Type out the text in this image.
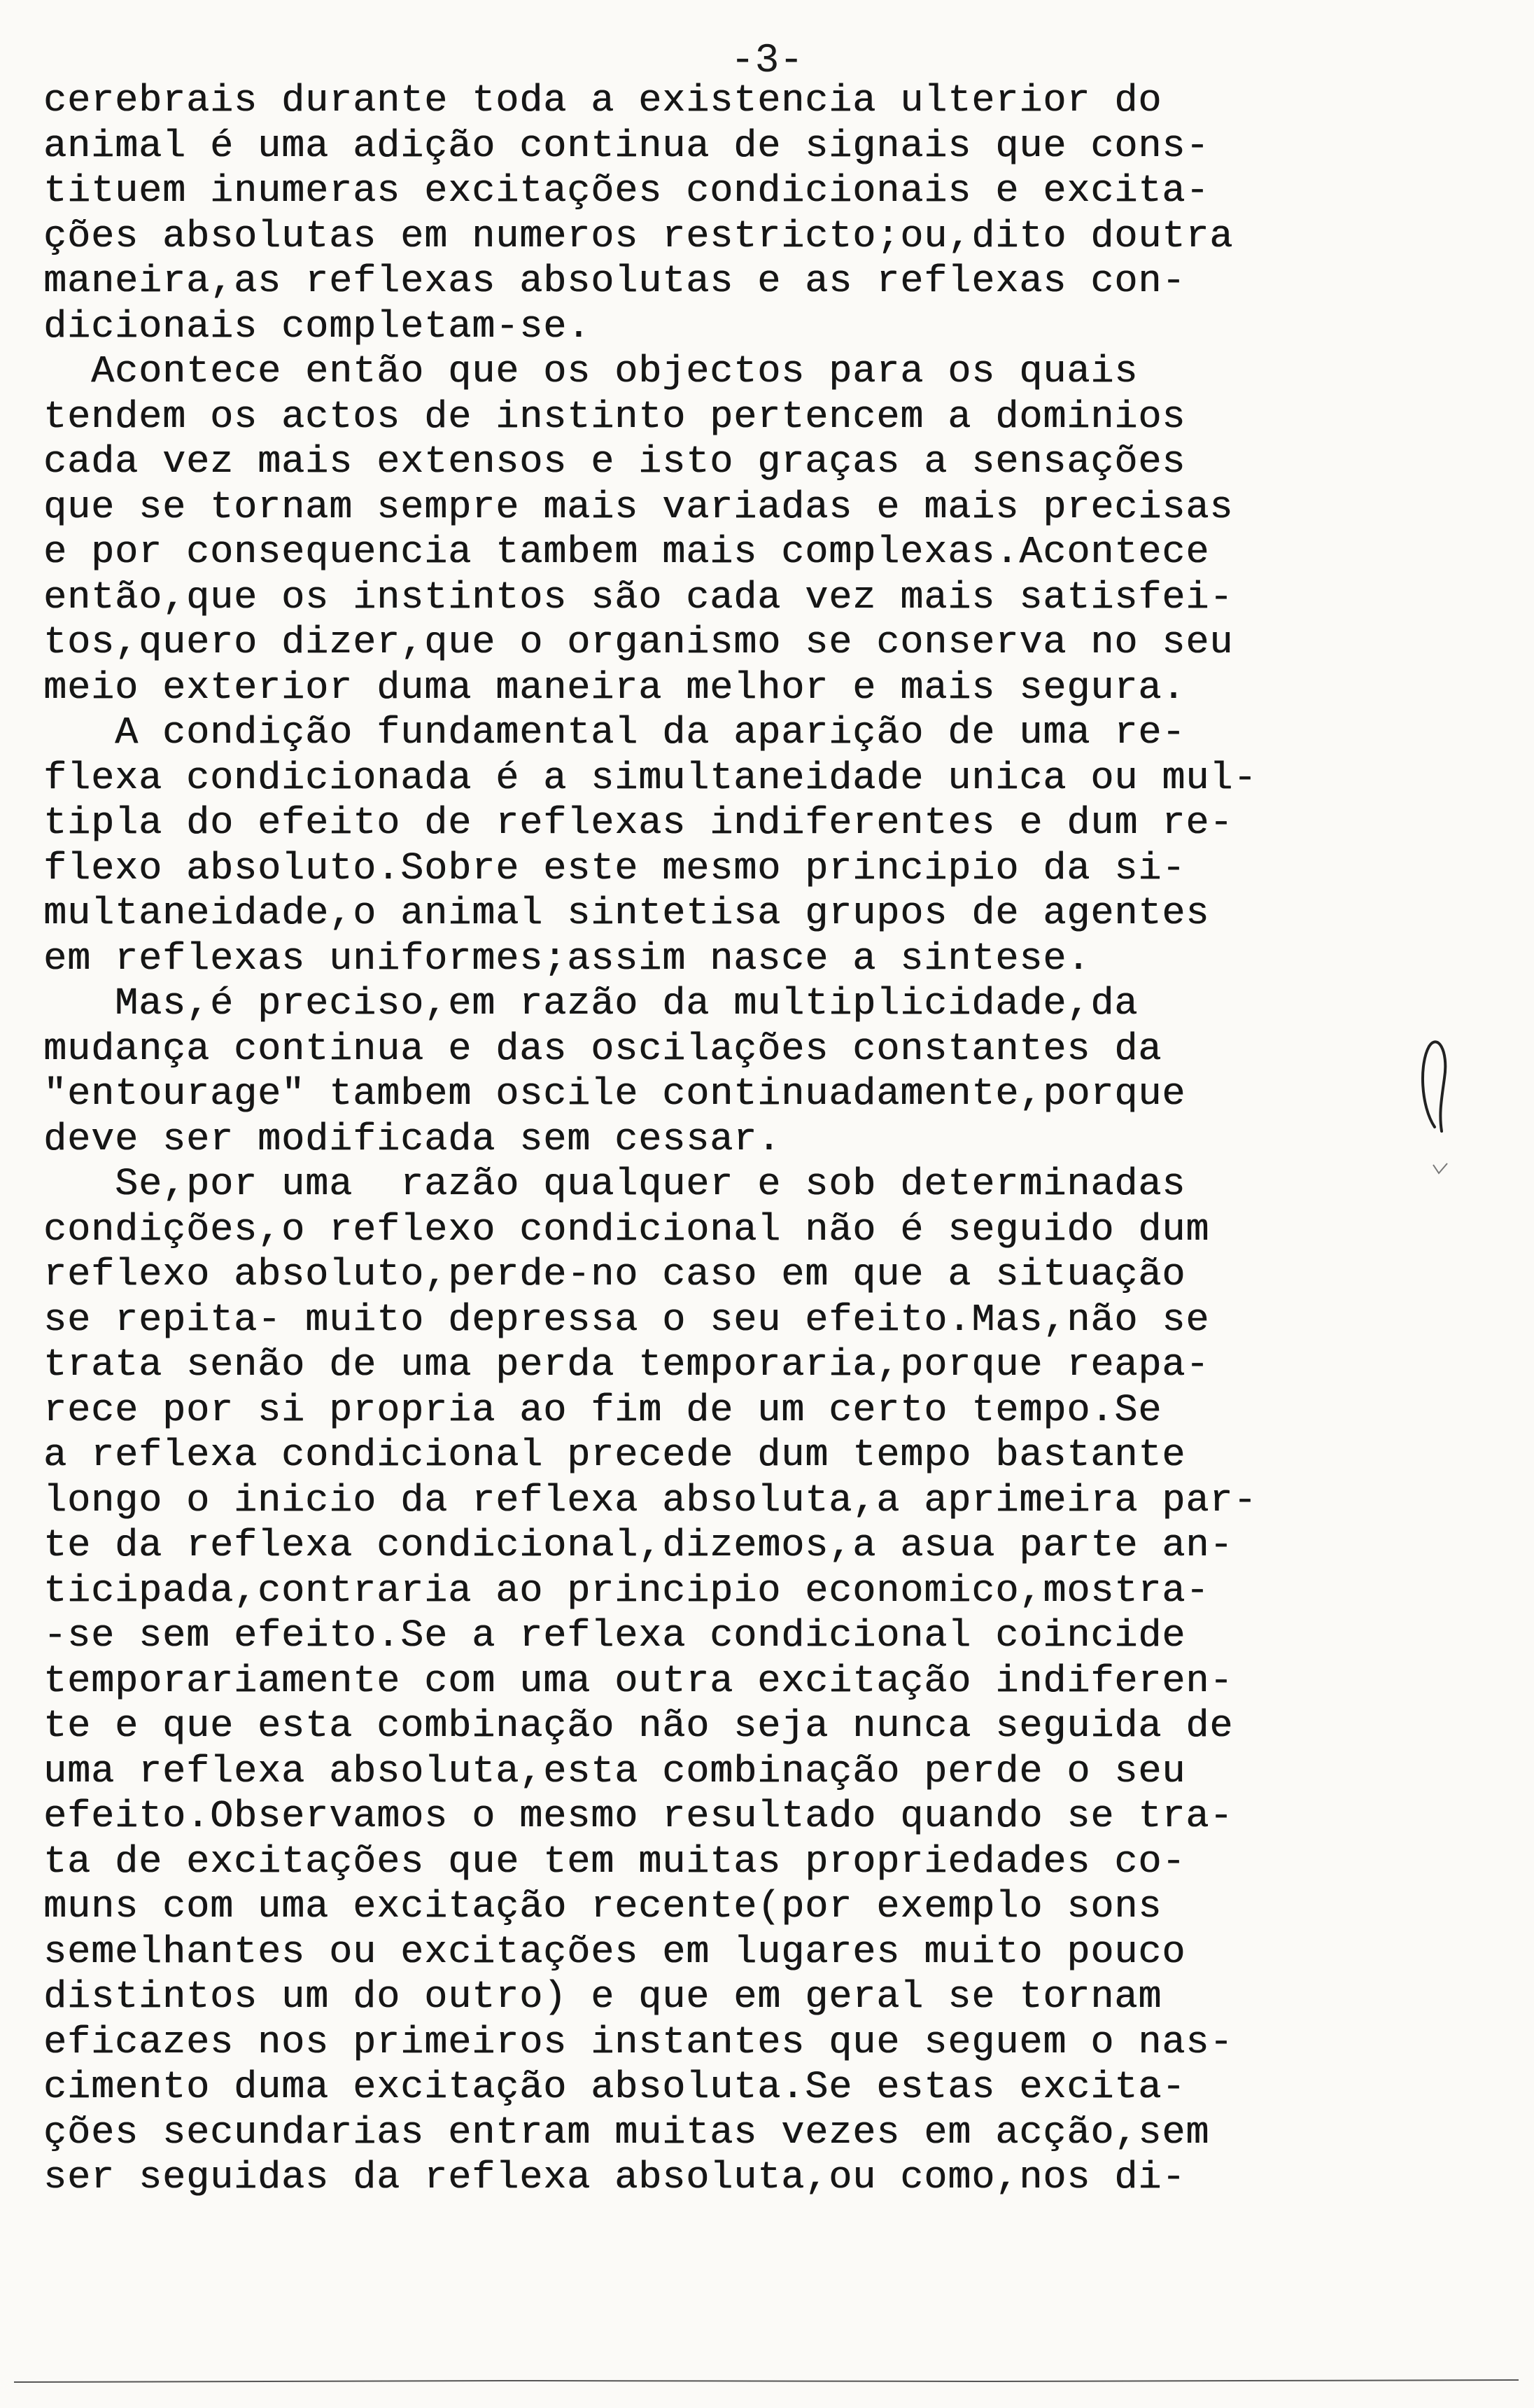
-3-
cerebrais durante toda a existencia ulterior do
animal é uma adição continua de signais que cons-
tituem inumeras excitações condicionais e excita-
ções absolutas em numeros restricto;ou,dito doutra
maneira,as reflexas absolutas e as reflexas con-
dicionais completam-se.
Acontece então que os objectos para os quais
tendem os actos de instinto pertencem a dominios
cada vez mais extensos e isto graças a sensações
que se tornam sempre mais variadas e mais precisas
e por consequencia tambem mais complexas.Acontece
então,que os instintos são cada vez mais satisfei-
tos,quero dizer,que o organismo se conserva no seu
meio exterior duma maneira melhor e mais segura.
A condição fundamental da aparição de uma re-
flexa condicionada é a simultaneidade unica ou mul-
tipla do efeito de reflexas indiferentes e dum re-
flexo absoluto.Sobre este mesmo principio da si-
multaneidade,o animal sintetisa grupos de agentes
em reflexas uniformes;assim nasce a sintese.
Mas,é preciso,em razão da multiplicidade,da
mudança continua e das oscilações constantes da
"entourage" tambem oscile continuadamente,porque
deve ser modificada sem cessar.
Se,por uma  razão qualquer e sob determinadas
condições,o reflexo condicional não é seguido dum
reflexo absoluto,perde-no caso em que a situação
se repita- muito depressa o seu efeito.Mas,não se
trata senão de uma perda temporaria,porque reapa-
rece por si propria ao fim de um certo tempo.Se
a reflexa condicional precede dum tempo bastante
longo o inicio da reflexa absoluta,a aprimeira par-
te da reflexa condicional,dizemos,a asua parte an-
ticipada,contraria ao principio economico,mostra-
-se sem efeito.Se a reflexa condicional coincide
temporariamente com uma outra excitação indiferen-
te e que esta combinação não seja nunca seguida de
uma reflexa absoluta,esta combinação perde o seu
efeito.Observamos o mesmo resultado quando se tra-
ta de excitações que tem muitas propriedades co-
muns com uma excitação recente(por exemplo sons
semelhantes ou excitações em lugares muito pouco
distintos um do outro) e que em geral se tornam
eficazes nos primeiros instantes que seguem o nas-
cimento duma excitação absoluta.Se estas excita-
ções secundarias entram muitas vezes em acção,sem
ser seguidas da reflexa absoluta,ou como,nos di-
